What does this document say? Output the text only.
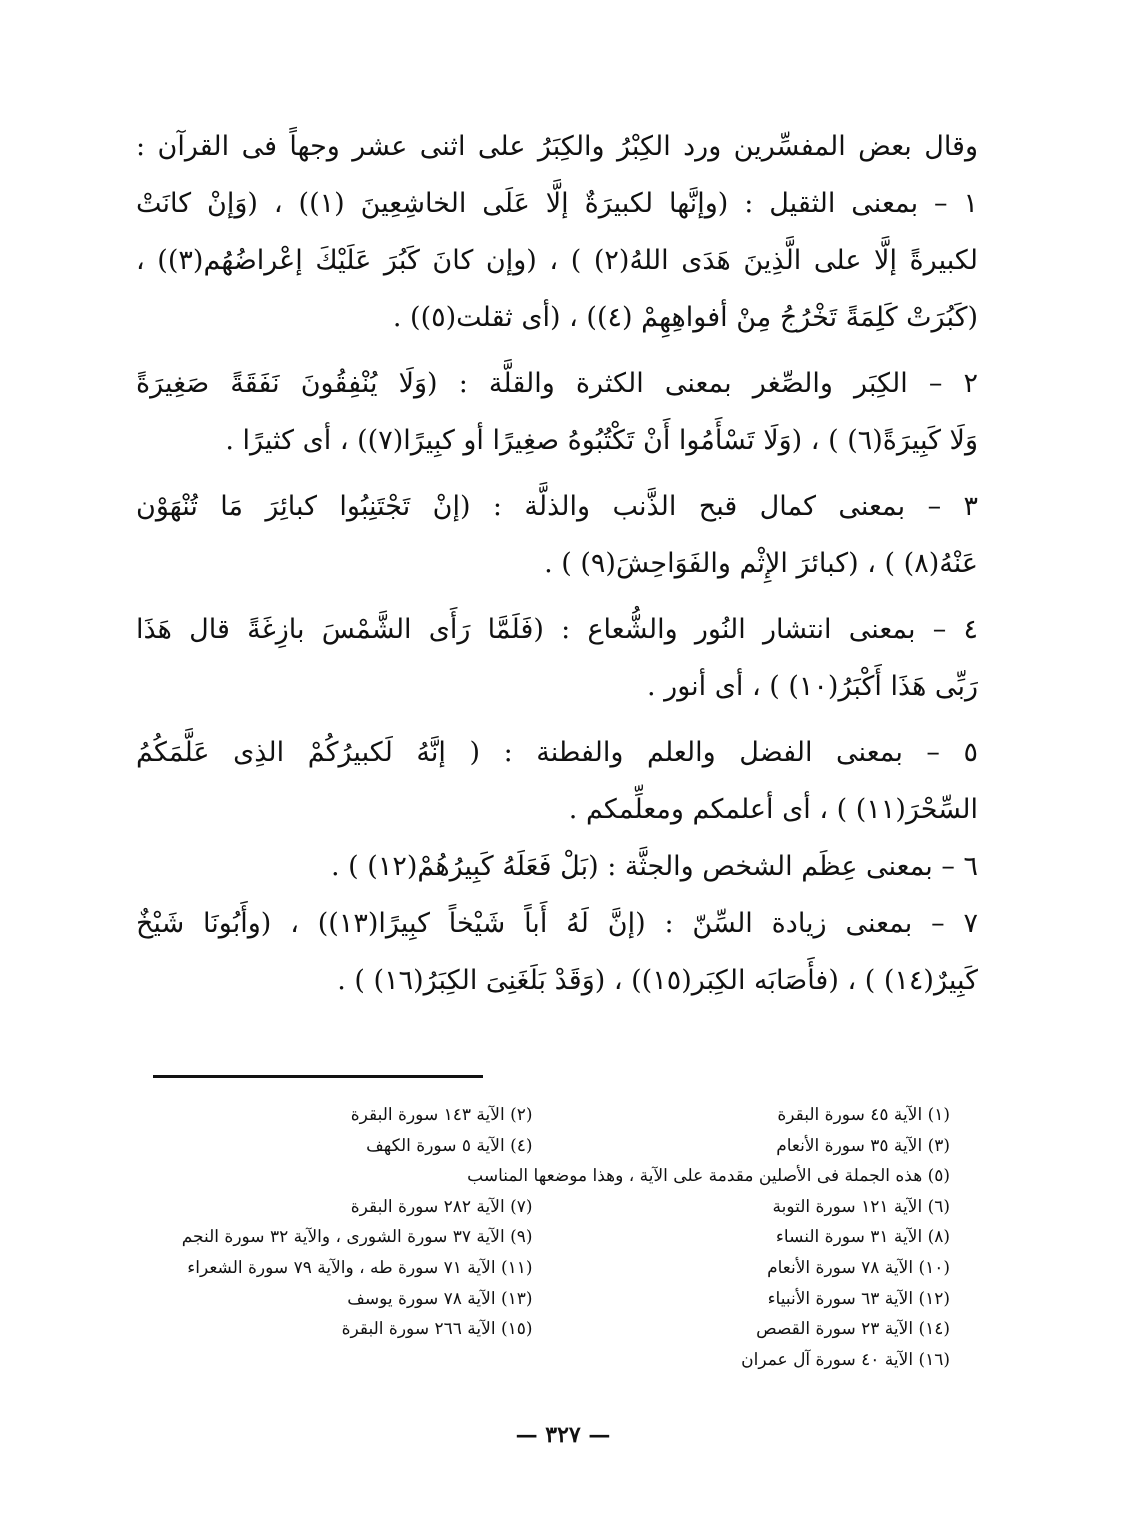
وقال بعض المفسِّرين ورد الكِبْرُ والكِبَرُ على اثنى عشر وجهاً فى القرآن :
١ – بمعنى الثقيل : (وإنَّها لكبيرَةٌ إلَّا عَلَى الخاشِعِينَ (١)) ، (وَإنْ كانَتْ
لكبيرةً إلَّا على الَّذِينَ هَدَى اللهُ(٢) ) ، (وإن كانَ كَبُرَ عَلَيْكَ إعْراضُهُم(٣)) ،
(كَبُرَتْ كَلِمَةً تَخْرُجُ مِنْ أفواهِهِمْ (٤)) ، (أى ثقلت(٥)) .
٢ – الكِبَر والصِّغر بمعنى الكثرة والقلَّة : (وَلَا يُنْفِقُونَ نَفَقَةً صَغِيرَةً
وَلَا كَبِيرَةً(٦) ) ، (وَلَا تَسْأَمُوا أَنْ تَكْتُبُوهُ صغِيرًا أو كبِيرًا(٧)) ، أى كثيرًا .
٣ – بمعنى كمال قبح الذَّنب والذلَّة : (إنْ تَجْتَنِبُوا كبائِرَ مَا تُنْهَوْن
عَنْهُ(٨) ) ، (كبائرَ الإِثْم والفَوَاحِشَ(٩) ) .
٤ – بمعنى انتشار النُور والشُّعاع : (فَلَمَّا رَأَى الشَّمْسَ بازِغَةً قال هَذَا
رَبِّى هَذَا أَكْبَرُ(١٠) ) ، أى أنور .
٥ – بمعنى الفضل والعلم والفطنة : ( إنَّهُ لَكبيرُكُمْ الذِى عَلَّمَكُمُ
السِّحْرَ(١١) ) ، أى أعلمكم ومعلِّمكم .
٦ – بمعنى عِظَم الشخص والجثَّة : (بَلْ فَعَلَهُ كَبِيرُهُمْ(١٢) ) .
٧ – بمعنى زيادة السِّنّ : (إنَّ لَهُ أَباً شَيْخاً كبِيرًا(١٣)) ، (وأَبُونَا شَيْخٌ
كَبِيرٌ(١٤) ) ، (فأَصَابَه الكِبَر(١٥)) ، (وَقَدْ بَلَغَنِىَ الكِبَرُ(١٦) ) .
(١) الآية ٤٥ سورة البقرة
(٢) الآية ١٤٣ سورة البقرة
(٣) الآية ٣٥ سورة الأنعام
(٤) الآية ٥ سورة الكهف
(٥) هذه الجملة فى الأصلين مقدمة على الآية ، وهذا موضعها المناسب
(٦) الآية ١٢١ سورة التوبة
(٧) الآية ٢٨٢ سورة البقرة
(٨) الآية ٣١ سورة النساء
(٩) الآية ٣٧ سورة الشورى ، والآية ٣٢ سورة النجم
(١٠) الآية ٧٨ سورة الأنعام
(١١) الآية ٧١ سورة طه ، والآية ٧٩ سورة الشعراء
(١٢) الآية ٦٣ سورة الأنبياء
(١٣) الآية ٧٨ سورة يوسف
(١٤) الآية ٢٣ سورة القصص
(١٥) الآية ٢٦٦ سورة البقرة
(١٦) الآية ٤٠ سورة آل عمران
— ٣٢٧ —
